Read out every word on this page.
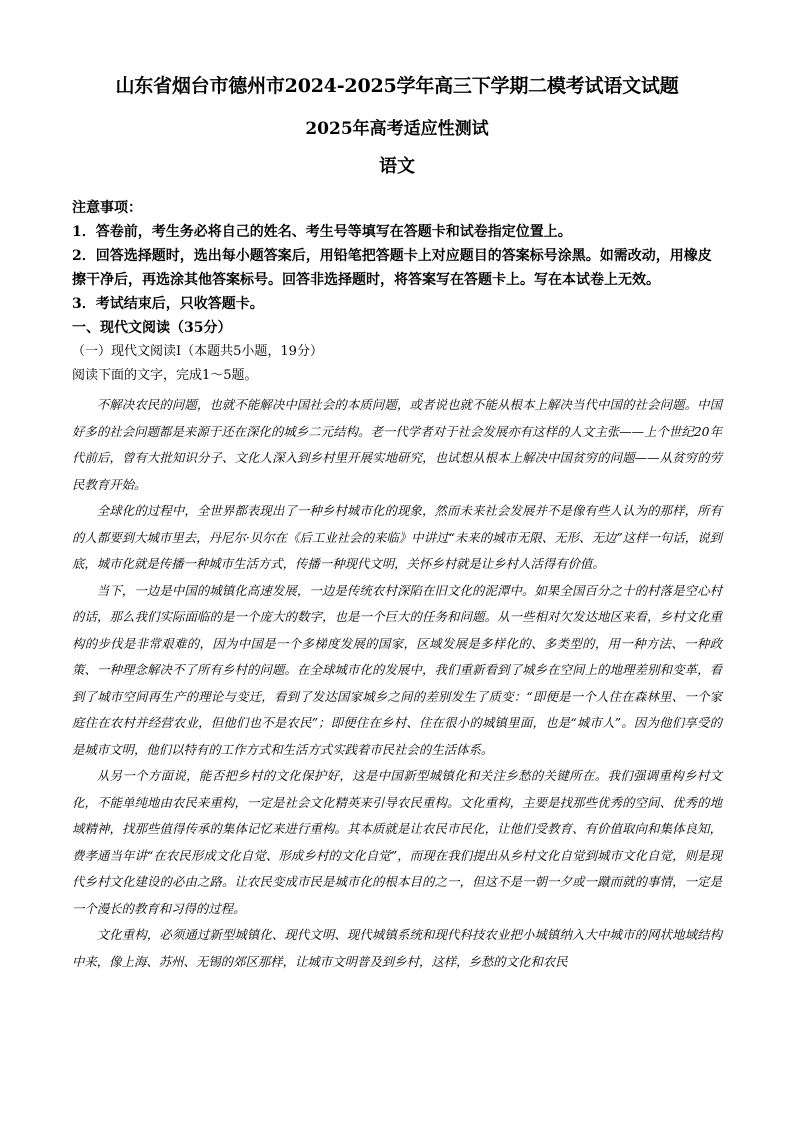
山东省烟台市德州市2024-2025学年高三下学期二模考试语文试题
2025年高考适应性测试
语文

注意事项：

1．答卷前，考生务必将自己的姓名、考生号等填写在答题卡和试卷指定位置上。

2．回答选择题时，选出每小题答案后，用铅笔把答题卡上对应题目的答案标号涂黑。如需改动，用橡皮擦干净后，再选涂其他答案标号。回答非选择题时，将答案写在答题卡上。写在本试卷上无效。

3．考试结束后，只收答题卡。

一、现代文阅读（35分）

（一）现代文阅读Ⅰ（本题共5小题，19分）

阅读下面的文字，完成1～5题。

不解决农民的问题，也就不能解决中国社会的本质问题，或者说也就不能从根本上解决当代中国的社会问题。中国好多的社会问题都是来源于还在深化的城乡二元结构。老一代学者对于社会发展亦有这样的人文主张——上个世纪20年代前后，曾有大批知识分子、文化人深入到乡村里开展实地研究，也试想从根本上解决中国贫穷的问题——从贫穷的劳民教育开始。

全球化的过程中，全世界都表现出了一种乡村城市化的现象，然而未来社会发展并不是像有些人认为的那样，所有的人都要到大城市里去，丹尼尔·贝尔在《后工业社会的来临》中讲过“未来的城市无限、无形、无边”这样一句话，说到底，城市化就是传播一种城市生活方式，传播一种现代文明，关怀乡村就是让乡村人活得有价值。

当下，一边是中国的城镇化高速发展，一边是传统农村深陷在旧文化的泥潭中。如果全国百分之十的村落是空心村的话，那么我们实际面临的是一个庞大的数字，也是一个巨大的任务和问题。从一些相对欠发达地区来看，乡村文化重构的步伐是非常艰难的，因为中国是一个多梯度发展的国家，区域发展是多样化的、多类型的，用一种方法、一种政策、一种理念解决不了所有乡村的问题。在全球城市化的发展中，我们重新看到了城乡在空间上的地理差别和变革，看到了城市空间再生产的理论与变迁，看到了发达国家城乡之间的差别发生了质变：“即便是一个人住在森林里、一个家庭住在农村并经营农业，但他们也不是农民”；即便住在乡村、住在很小的城镇里面，也是“城市人”。因为他们享受的是城市文明，他们以特有的工作方式和生活方式实践着市民社会的生活体系。

从另一个方面说，能否把乡村的文化保护好，这是中国新型城镇化和关注乡愁的关键所在。我们强调重构乡村文化，不能单纯地由农民来重构，一定是社会文化精英来引导农民重构。文化重构，主要是找那些优秀的空间、优秀的地域精神，找那些值得传承的集体记忆来进行重构。其本质就是让农民市民化，让他们受教育、有价值取向和集体良知，费孝通当年讲“在农民形成文化自觉、形成乡村的文化自觉”，而现在我们提出从乡村文化自觉到城市文化自觉，则是现代乡村文化建设的必由之路。让农民变成市民是城市化的根本目的之一，但这不是一朝一夕或一蹴而就的事情，一定是一个漫长的教育和习得的过程。

文化重构，必须通过新型城镇化、现代文明、现代城镇系统和现代科技农业把小城镇纳入大中城市的网状地域结构中来，像上海、苏州、无锡的郊区那样，让城市文明普及到乡村，这样，乡愁的文化和农民
